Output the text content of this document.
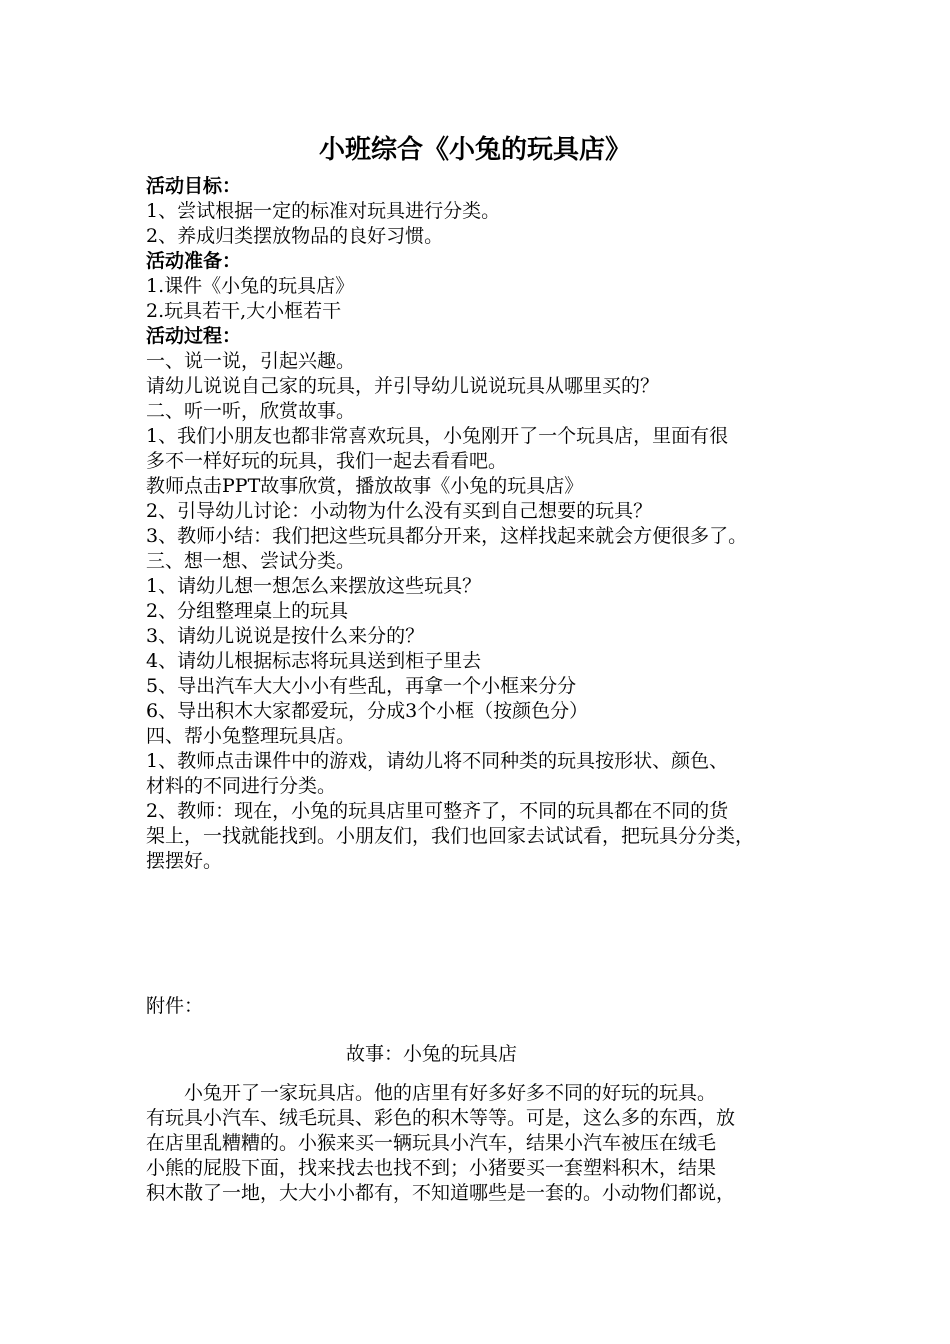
小班综合《小兔的玩具店》

活动目标：

1、尝试根据一定的标准对玩具进行分类。

2、养成归类摆放物品的良好习惯。

活动准备：

1.课件《小兔的玩具店》

2.玩具若干,大小框若干

活动过程：

一、说一说，引起兴趣。

请幼儿说说自己家的玩具，并引导幼儿说说玩具从哪里买的？

二、听一听，欣赏故事。

1、我们小朋友也都非常喜欢玩具，小兔刚开了一个玩具店，里面有很

多不一样好玩的玩具，我们一起去看看吧。

教师点击PPT故事欣赏，播放故事《小兔的玩具店》

2、引导幼儿讨论：小动物为什么没有买到自己想要的玩具？

3、教师小结：我们把这些玩具都分开来，这样找起来就会方便很多了。

三、想一想、尝试分类。

1、请幼儿想一想怎么来摆放这些玩具？

2、分组整理桌上的玩具

3、请幼儿说说是按什么来分的？

4、请幼儿根据标志将玩具送到柜子里去

5、导出汽车大大小小有些乱，再拿一个小框来分分

6、导出积木大家都爱玩，分成3个小框（按颜色分）

四、帮小兔整理玩具店。

1、教师点击课件中的游戏，请幼儿将不同种类的玩具按形状、颜色、

材料的不同进行分类。

2、教师：现在，小兔的玩具店里可整齐了，不同的玩具都在不同的货

架上，一找就能找到。小朋友们，我们也回家去试试看，把玩具分分类，

摆摆好。

附件：

故事：小兔的玩具店

小兔开了一家玩具店。他的店里有好多好多不同的好玩的玩具。

有玩具小汽车、绒毛玩具、彩色的积木等等。可是，这么多的东西，放

在店里乱糟糟的。小猴来买一辆玩具小汽车，结果小汽车被压在绒毛

小熊的屁股下面，找来找去也找不到；小猪要买一套塑料积木，结果

积木散了一地，大大小小都有，不知道哪些是一套的。小动物们都说，
